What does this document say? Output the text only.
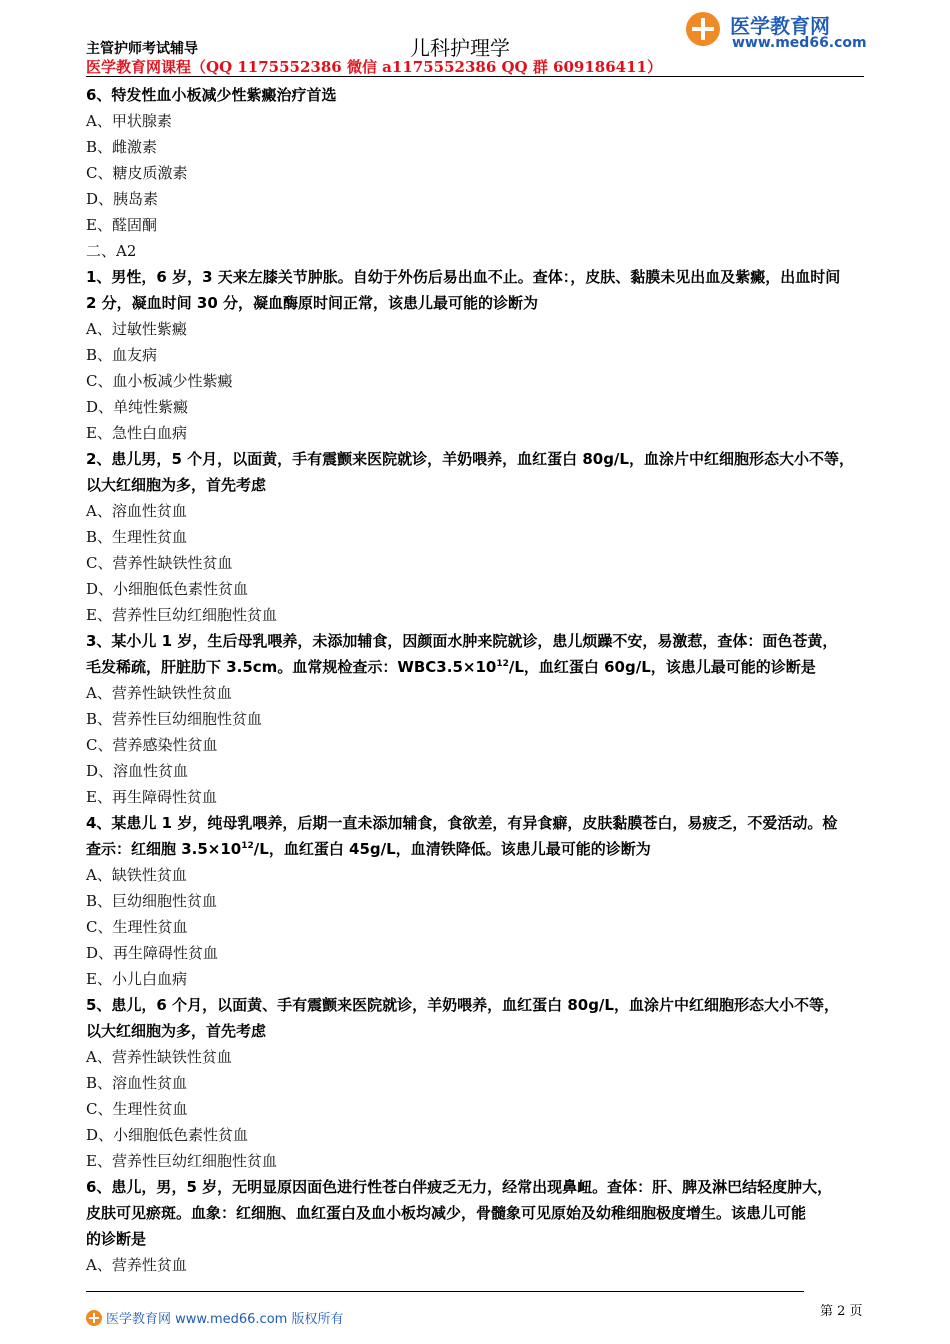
主管护师考试辅导	儿科护理学
医学教育网课程（QQ 1175552386 微信 a1175552386 QQ 群 609186411）
医学教育网
www.med66.com
6、特发性血小板减少性紫癜治疗首选
A、甲状腺素
B、雌激素
C、糖皮质激素
D、胰岛素
E、醛固酮
二、A2
1、男性，6 岁，3 天来左膝关节肿胀。自幼于外伤后易出血不止。查体：，皮肤、黏膜未见出血及紫癜，出血时间
2 分，凝血时间 30 分，凝血酶原时间正常，该患儿最可能的诊断为
A、过敏性紫癜
B、血友病
C、血小板减少性紫癜
D、单纯性紫癜
E、急性白血病
2、患儿男，5 个月，以面黄，手有震颤来医院就诊，羊奶喂养，血红蛋白 80g/L，血涂片中红细胞形态大小不等，
以大红细胞为多，首先考虑
A、溶血性贫血
B、生理性贫血
C、营养性缺铁性贫血
D、小细胞低色素性贫血
E、营养性巨幼红细胞性贫血
3、某小儿 1 岁，生后母乳喂养，未添加辅食，因颜面水肿来院就诊，患儿烦躁不安，易激惹，查体：面色苍黄，
毛发稀疏，肝脏肋下 3.5cm。血常规检查示：$WBC3.5\times 10^{12}/L$，血红蛋白 60g/L，该患儿最可能的诊断是
A、营养性缺铁性贫血
B、营养性巨幼细胞性贫血
C、营养感染性贫血
D、溶血性贫血
E、再生障碍性贫血
4、某患儿 1 岁，纯母乳喂养，后期一直未添加辅食，食欲差，有异食癖，皮肤黏膜苍白，易疲乏，不爱活动。检
查示：红细胞 $3.5\times 10^{12}/L$，血红蛋白 45g/L，血清铁降低。该患儿最可能的诊断为
A、缺铁性贫血
B、巨幼细胞性贫血
C、生理性贫血
D、再生障碍性贫血
E、小儿白血病
5、患儿，6 个月，以面黄、手有震颤来医院就诊，羊奶喂养，血红蛋白 80g/L，血涂片中红细胞形态大小不等，
以大红细胞为多，首先考虑
A、营养性缺铁性贫血
B、溶血性贫血
C、生理性贫血
D、小细胞低色素性贫血
E、营养性巨幼红细胞性贫血
6、患儿，男，5 岁，无明显原因面色进行性苍白伴疲乏无力，经常出现鼻衄。查体：肝、脾及淋巴结轻度肿大，
皮肤可见瘀斑。血象：红细胞、血红蛋白及血小板均减少，骨髓象可见原始及幼稚细胞极度增生。该患儿可能
的诊断是
A、营养性贫血
医学教育网 www.med66.com 版权所有
第 2 页
